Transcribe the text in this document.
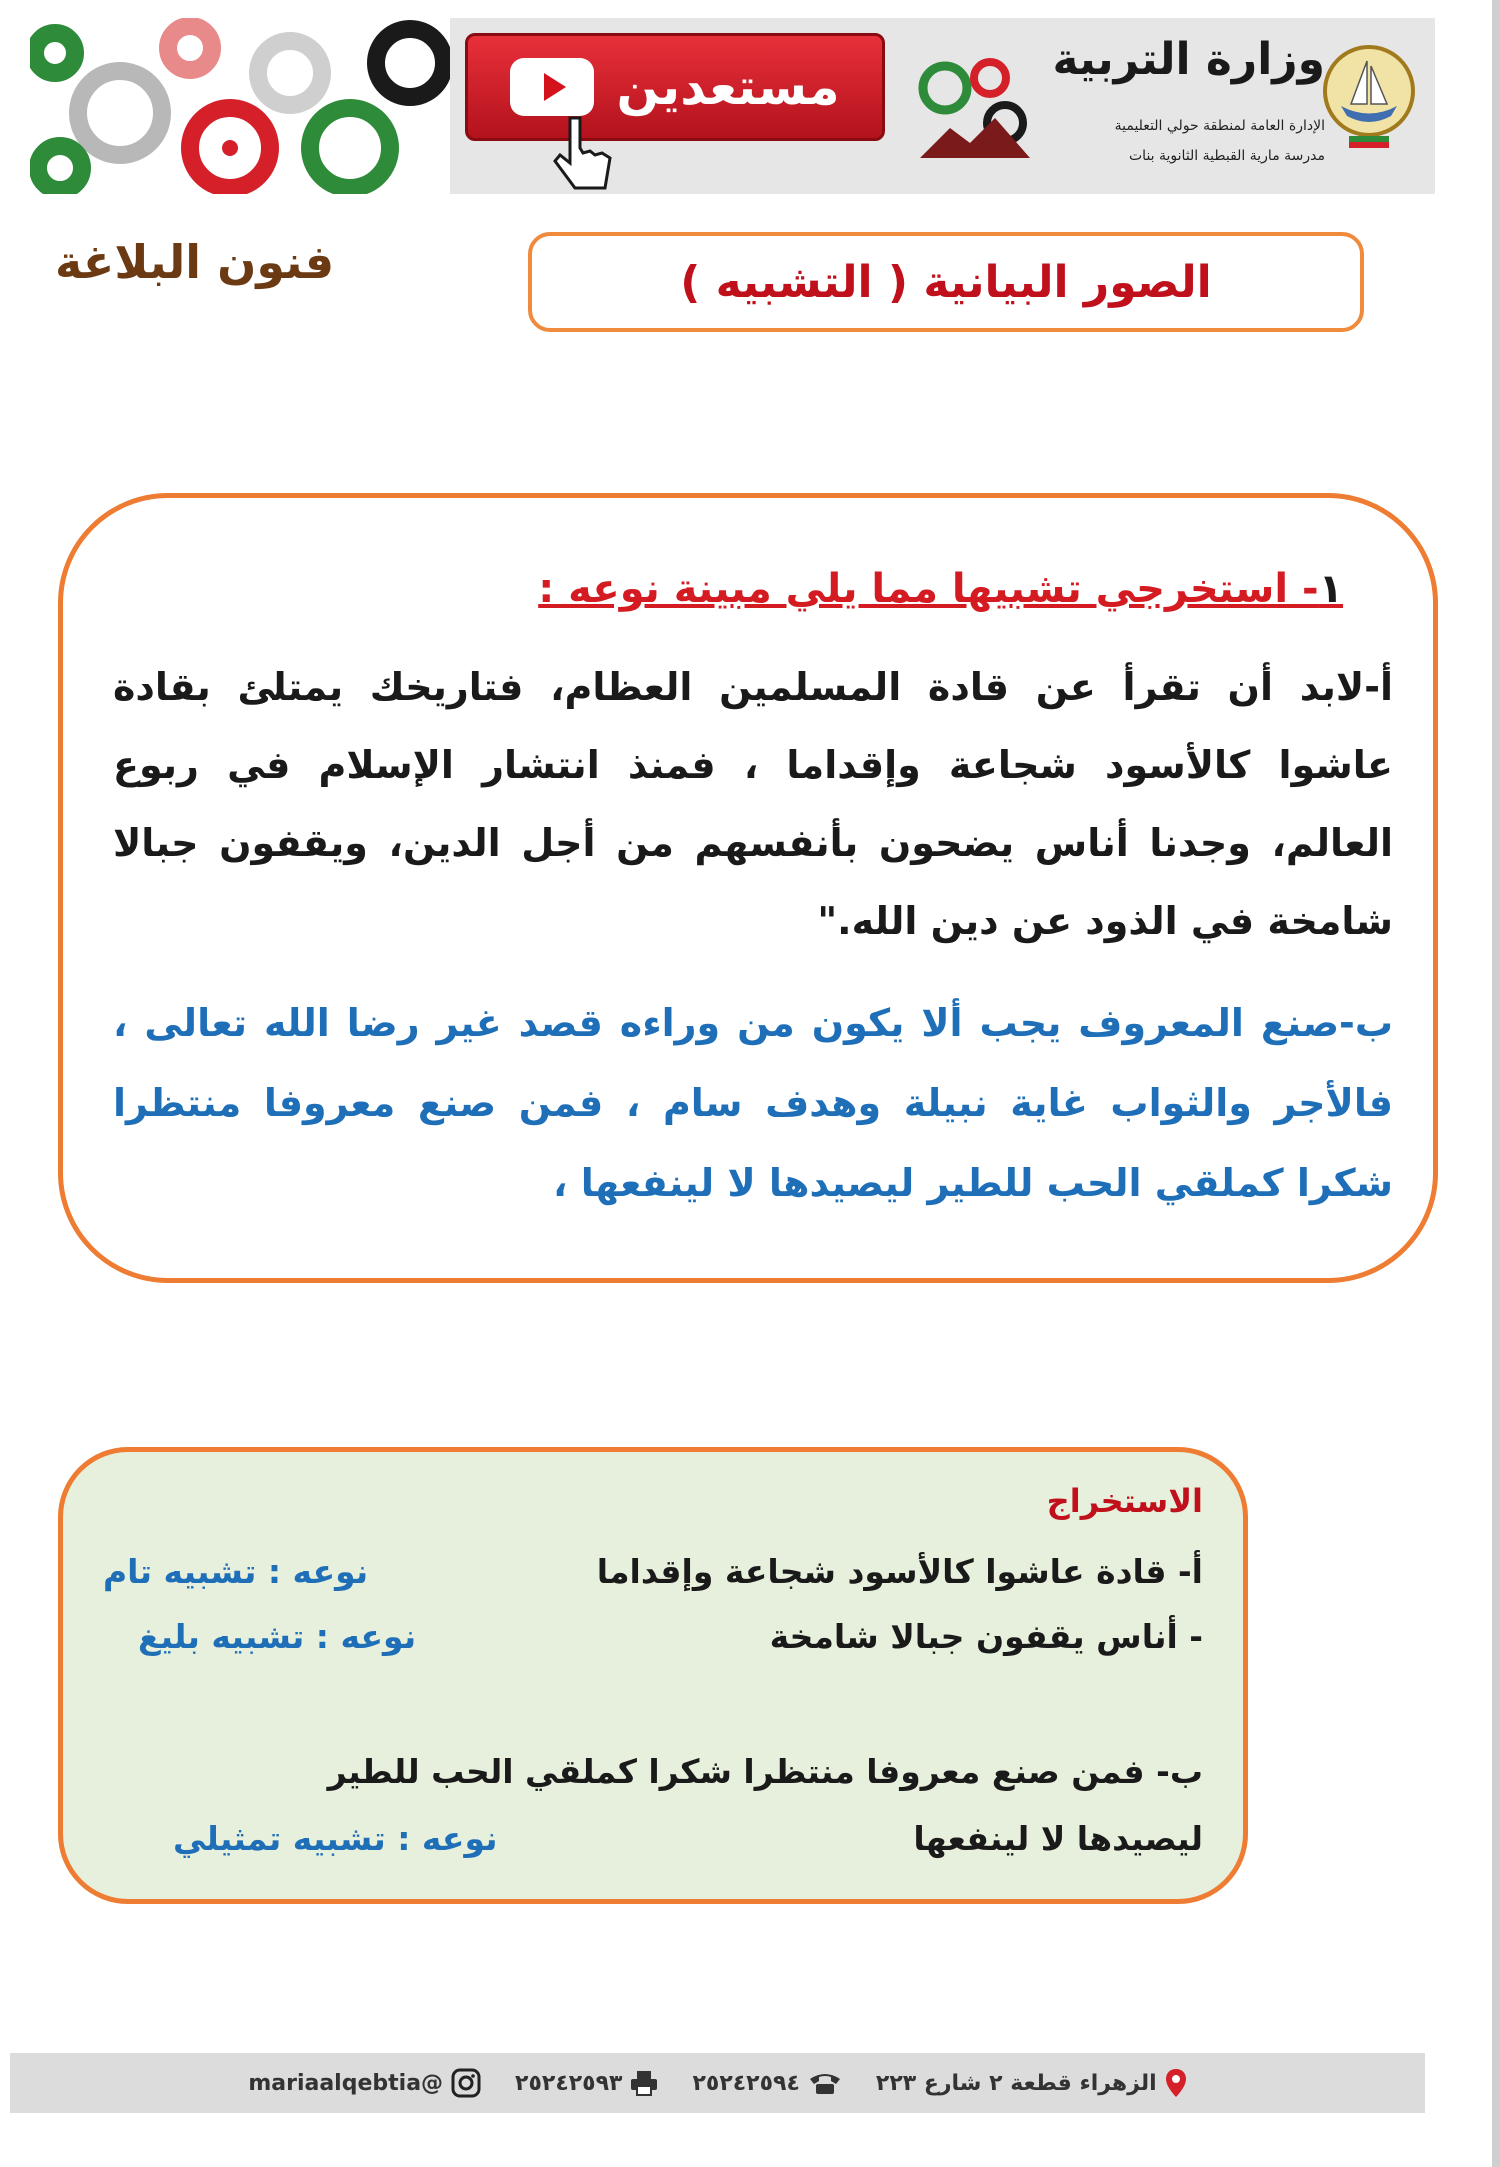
مستعدين	وزارة التربية
الإدارة العامة لمنطقة حولي التعليمية
مدرسة مارية القبطية الثانوية بنات
الصور البيانية ( التشبيه )
فنون البلاغة
١- استخرجي تشبيها مما يلي مبينة نوعه :
أ-لابد أن تقرأ عن قادة المسلمين العظام، فتاريخك يمتلئ بقادة عاشوا كالأسود شجاعة وإقداما ، فمنذ انتشار الإسلام في ربوع العالم، وجدنا أناس يضحون بأنفسهم من أجل الدين، ويقفون جبالا شامخة في الذود عن دين الله."
ب-صنع المعروف يجب ألا يكون من وراءه قصد غير رضا الله تعالى ، فالأجر والثواب غاية نبيلة وهدف سام ، فمن صنع معروفا منتظرا شكرا كملقي الحب للطير ليصيدها لا لينفعها ،
الاستخراج
أ- قادة عاشوا كالأسود شجاعة وإقداما
نوعه : تشبيه تام
- أناس يقفون جبالا شامخة
نوعه : تشبيه بليغ
ب- فمن صنع معروفا منتظرا شكرا كملقي الحب للطير
ليصيدها لا لينفعها
نوعه : تشبيه تمثيلي
الزهراء قطعة ٢ شارع ٢٢٣
٢٥٢٤٢٥٩٤
٢٥٢٤٢٥٩٣
@mariaalqebtia
